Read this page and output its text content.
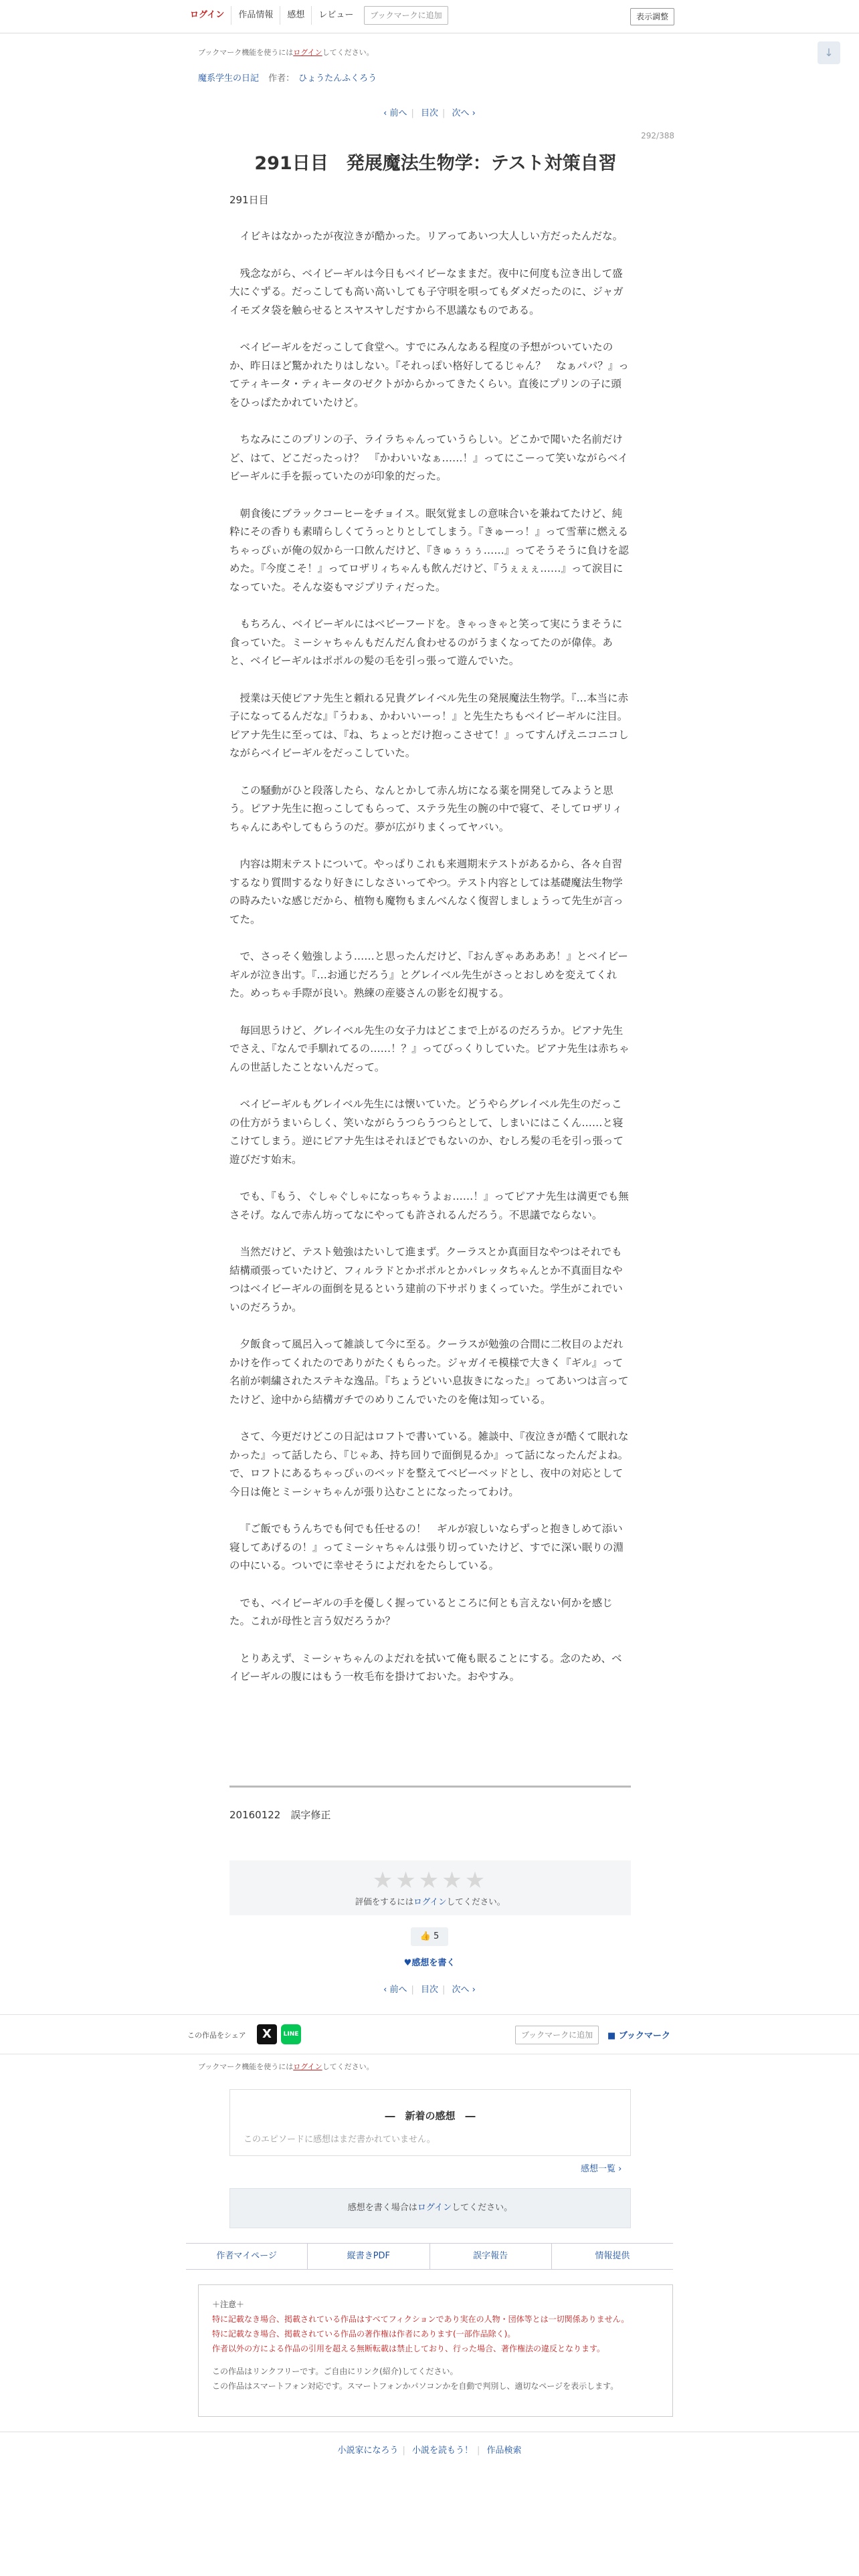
ログイン	作品情報	感想	レビュー	ブックマークに追加	表示調整
↓
ブックマーク機能を使うにはログインしてください。
魔系学生の日記 作者： ひょうたんふくろう
‹ 前へ | 目次 | 次へ ›
292/388
291日目　発展魔法生物学：テスト対策自習
291日目

イビキはなかったが夜泣きが酷かった。リアってあいつ大人しい方だったんだな。

残念ながら、ベイビーギルは今日もベイビーなままだ。夜中に何度も泣き出して盛大にぐずる。だっこしても高い高いしても子守唄を唄ってもダメだったのに、ジャガイモズタ袋を触らせるとスヤスヤしだすから不思議なものである。

ベイビーギルをだっこして食堂へ。すでにみんなある程度の予想がついていたのか、昨日ほど驚かれたりはしない。『それっぽい格好してるじゃん？　なぁパパ？』ってティキータ・ティキータのゼクトがからかってきたくらい。直後にプリンの子に頭をひっぱたかれていたけど。

ちなみにこのプリンの子、ライラちゃんっていうらしい。どこかで聞いた名前だけど、はて、どこだったっけ？　『かわいいなぁ……！』ってにこーって笑いながらベイビーギルに手を振っていたのが印象的だった。

朝食後にブラックコーヒーをチョイス。眠気覚ましの意味合いを兼ねてたけど、純粋にその香りも素晴らしくてうっとりとしてしまう。『きゅーっ！』って雪華に燃えるちゃっぴぃが俺の奴から一口飲んだけど、『きゅぅぅぅ……』ってそうそうに負けを認めた。『今度こそ！』ってロザリィちゃんも飲んだけど、『うぇぇぇ……』って涙目になっていた。そんな姿もマジプリティだった。

もちろん、ベイビーギルにはベビーフードを。きゃっきゃと笑って実にうまそうに食っていた。ミーシャちゃんもだんだん食わせるのがうまくなってたのが偉倖。あと、ベイビーギルはポポルの髪の毛を引っ張って遊んでいた。

授業は天使ピアナ先生と頼れる兄貴グレイベル先生の発展魔法生物学。『…本当に赤子になってるんだな』『うわぁ、かわいいーっ！』と先生たちもベイビーギルに注目。ピアナ先生に至っては、『ね、ちょっとだけ抱っこさせて！』ってすんげえニコニコしながらベイビーギルをだっこしていた。

この騒動がひと段落したら、なんとかして赤ん坊になる薬を開発してみようと思う。ピアナ先生に抱っこしてもらって、ステラ先生の腕の中で寝て、そしてロザリィちゃんにあやしてもらうのだ。夢が広がりまくってヤバい。

内容は期末テストについて。やっぱりこれも来週期末テストがあるから、各々自習するなり質問するなり好きにしなさいってやつ。テスト内容としては基礎魔法生物学の時みたいな感じだから、植物も魔物もまんべんなく復習しましょうって先生が言ってた。

で、さっそく勉強しよう……と思ったんだけど、『おんぎゃああああ！』とベイビーギルが泣き出す。『…お通じだろう』とグレイベル先生がさっとおしめを変えてくれた。めっちゃ手際が良い。熟練の産婆さんの影を幻視する。

毎回思うけど、グレイベル先生の女子力はどこまで上がるのだろうか。ピアナ先生でさえ、『なんで手馴れてるの……！？』ってびっくりしていた。ピアナ先生は赤ちゃんの世話したことないんだって。

ベイビーギルもグレイベル先生には懐いていた。どうやらグレイベル先生のだっこの仕方がうまいらしく、笑いながらうつらうつらとして、しまいにはこくん……と寝こけてしまう。逆にピアナ先生はそれほどでもないのか、むしろ髪の毛を引っ張って遊びだす始末。

でも、『もう、ぐしゃぐしゃになっちゃうよぉ……！』ってピアナ先生は満更でも無さそげ。なんで赤ん坊ってなにやっても許されるんだろう。不思議でならない。

当然だけど、テスト勉強はたいして進まず。クーラスとか真面目なやつはそれでも結構頑張っていたけど、フィルラドとかポポルとかパレッタちゃんとか不真面目なやつはベイビーギルの面倒を見るという建前の下サボりまくっていた。学生がこれでいいのだろうか。

夕飯食って風呂入って雑談して今に至る。クーラスが勉強の合間に二枚目のよだれかけを作ってくれたのでありがたくもらった。ジャガイモ模様で大きく『ギル』って名前が刺繍されたステキな逸品。『ちょうどいい息抜きになった』ってあいつは言ってたけど、途中から結構ガチでのめりこんでいたのを俺は知っている。

さて、今更だけどこの日記はロフトで書いている。雑談中、『夜泣きが酷くて眠れなかった』って話したら、『じゃあ、持ち回りで面倒見るか』って話になったんだよね。で、ロフトにあるちゃっぴぃのベッドを整えてベビーベッドとし、夜中の対応として今日は俺とミーシャちゃんが張り込むことになったってわけ。

『ご飯でもうんちでも何でも任せるの！　ギルが寂しいならずっと抱きしめて添い寝してあげるの！』ってミーシャちゃんは張り切っていたけど、すでに深い眠りの淵の中にいる。ついでに幸せそうによだれをたらしている。

でも、ベイビーギルの手を優しく握っているところに何とも言えない何かを感じた。これが母性と言う奴だろうか？

とりあえず、ミーシャちゃんのよだれを拭いて俺も眠ることにする。念のため、ベイビーギルの腹にはもう一枚毛布を掛けておいた。おやすみ。

20160122　誤字修正
★★★★★
評価をするにはログインしてください。
👍 5
♥感想を書く
‹ 前へ | 目次 | 次へ ›
この作品をシェア	X	LINE	ブックマークに追加	■ ブックマーク
ブックマーク機能を使うにはログインしてください。
―　新着の感想　―
このエピソードに感想はまだ書かれていません。
感想一覧 ›
感想を書く場合はログインしてください。
作者マイページ	縦書きPDF	誤字報告	情報提供
＋注意＋
特に記載なき場合、掲載されている作品はすべてフィクションであり実在の人物・団体等とは一切関係ありません。
特に記載なき場合、掲載されている作品の著作権は作者にあります(一部作品除く)。
作者以外の方による作品の引用を超える無断転載は禁止しており、行った場合、著作権法の違反となります。
この作品はリンクフリーです。ご自由にリンク(紹介)してください。
この作品はスマートフォン対応です。スマートフォンかパソコンかを自動で判別し、適切なページを表示します。
小説家になろう | 小説を読もう！ | 作品検索
